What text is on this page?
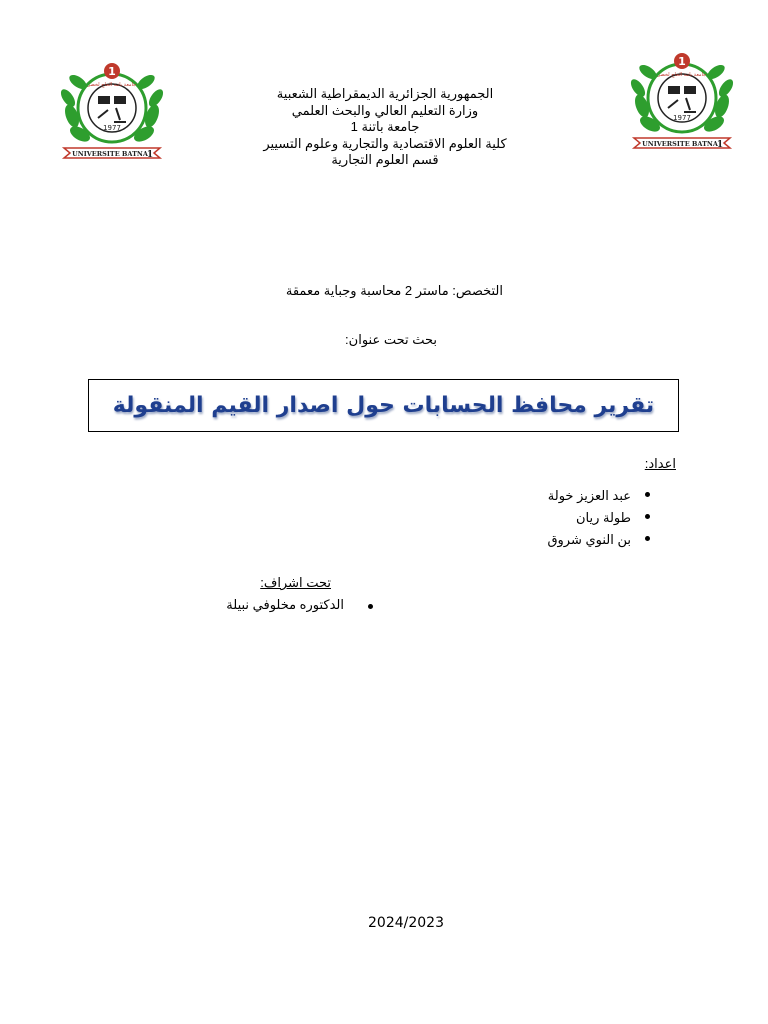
1
1977
جامعة باتنة الحاج لخضر
UNIVERSITE BATNA
1
1
1977
جامعة باتنة الحاج لخضر
UNIVERSITE BATNA
1
الجمهورية الجزائرية الديمقراطية الشعبية
وزارة التعليم العالي والبحث العلمي
جامعة باتنة 1
كلية العلوم الاقتصادية والتجارية وعلوم التسيير
قسم العلوم التجارية
التخصص: ماستر 2 محاسبة وجباية معمقة
بحث تحت عنوان:
تقرير محافظ الحسابات حول اصدار القيم المنقولة
اعداد:
عبد العزيز خولة
طولة ريان
بن النوي شروق
تحت اشراف:
الدكتوره مخلوفي نبيلة
2024/2023
